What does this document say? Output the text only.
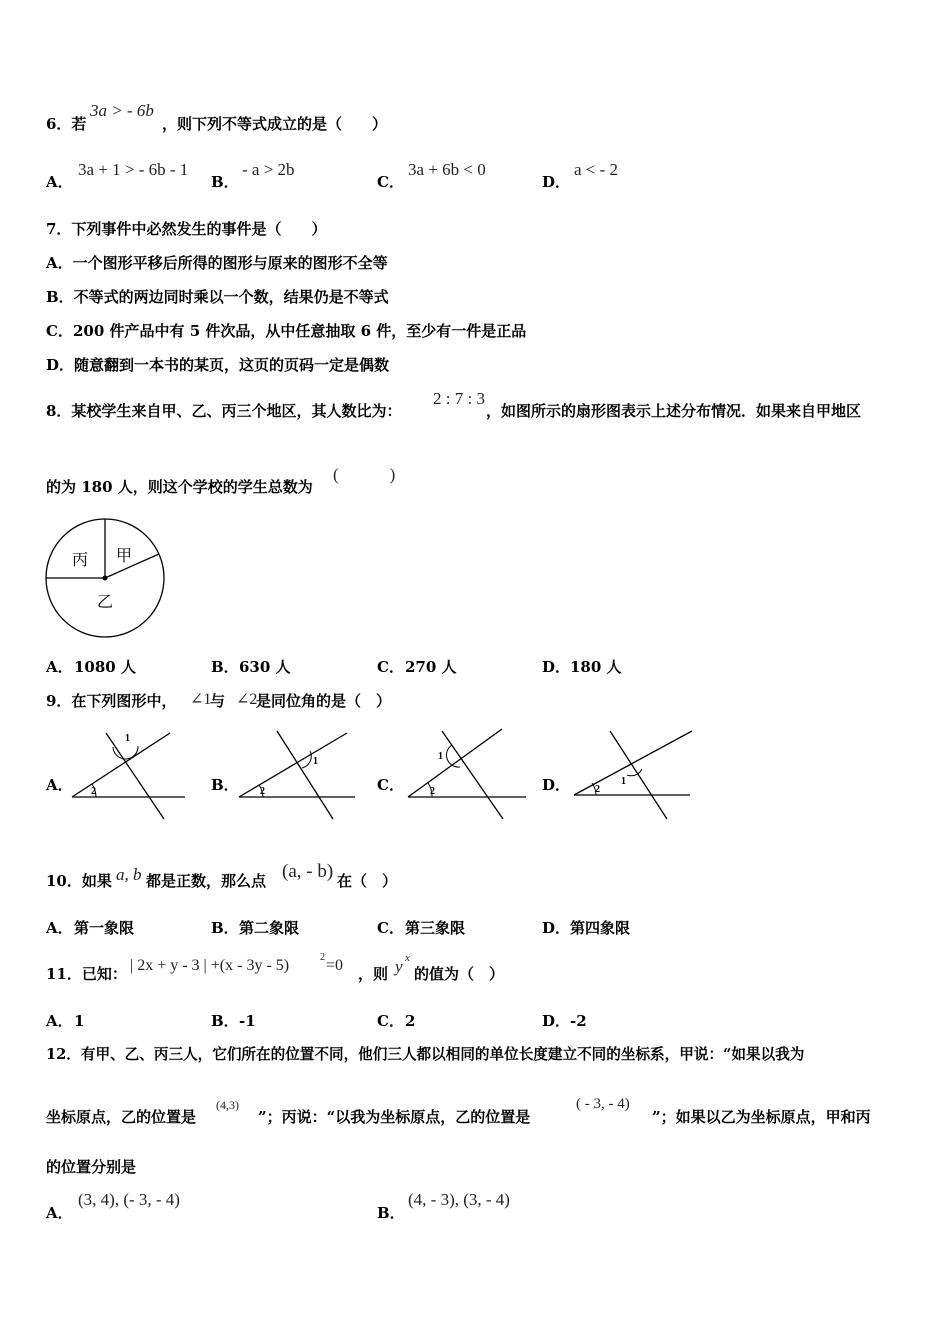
6．若
3a > - 6b
，则下列不等式成立的是（　　）
A．
3a + 1 > - 6b - 1
B．
- a > 2b
C．
3a + 6b < 0
D．
a < - 2
7．下列事件中必然发生的事件是（　　）
A．一个图形平移后所得的图形与原来的图形不全等
B．不等式的两边同时乘以一个数，结果仍是不等式
C．200 件产品中有 5 件次品，从中任意抽取 6 件，至少有一件是正品
D．随意翻到一本书的某页，这页的页码一定是偶数
8．某校学生来自甲、乙、丙三个地区，其人数比为：
2 : 7 : 3
，如图所示的扇形图表示上述分布情况．如果来自甲地区
的为 180 人，则这个学校的学生总数为
(　　　)
丙 甲
乙
A． 1080 人	B． 630 人	C． 270 人	D． 180 人
9．在下列图形中， ∠1
与 ∠2
是同位角的是（　）
A．
1
2	B．
1
2	C．
1
2	D．	1
2
10．如果 a, b 都是正数，那么点 (a, - b) 在（　）
A． 第一象限	B． 第二象限	C． 第三象限	D． 第四象限
11．已知： | 2x + y - 3 | +(x - 3y - 5)	2 =0 ，则 y x
的值为（　）
A． 1	B． -1	C． 2	D． -2
12．有甲、乙、丙三人，它们所在的位置不同，他们三人都以相同的单位长度建立不同的坐标系，甲说：“如果以我为
坐标原点，乙的位置是
(4,3)
”；丙说：“以我为坐标原点，乙的位置是
( - 3, - 4)
”；如果以乙为坐标原点，甲和丙
的位置分别是
A．
(3, 4), (- 3, - 4)
B．
(4, - 3), (3, - 4)
